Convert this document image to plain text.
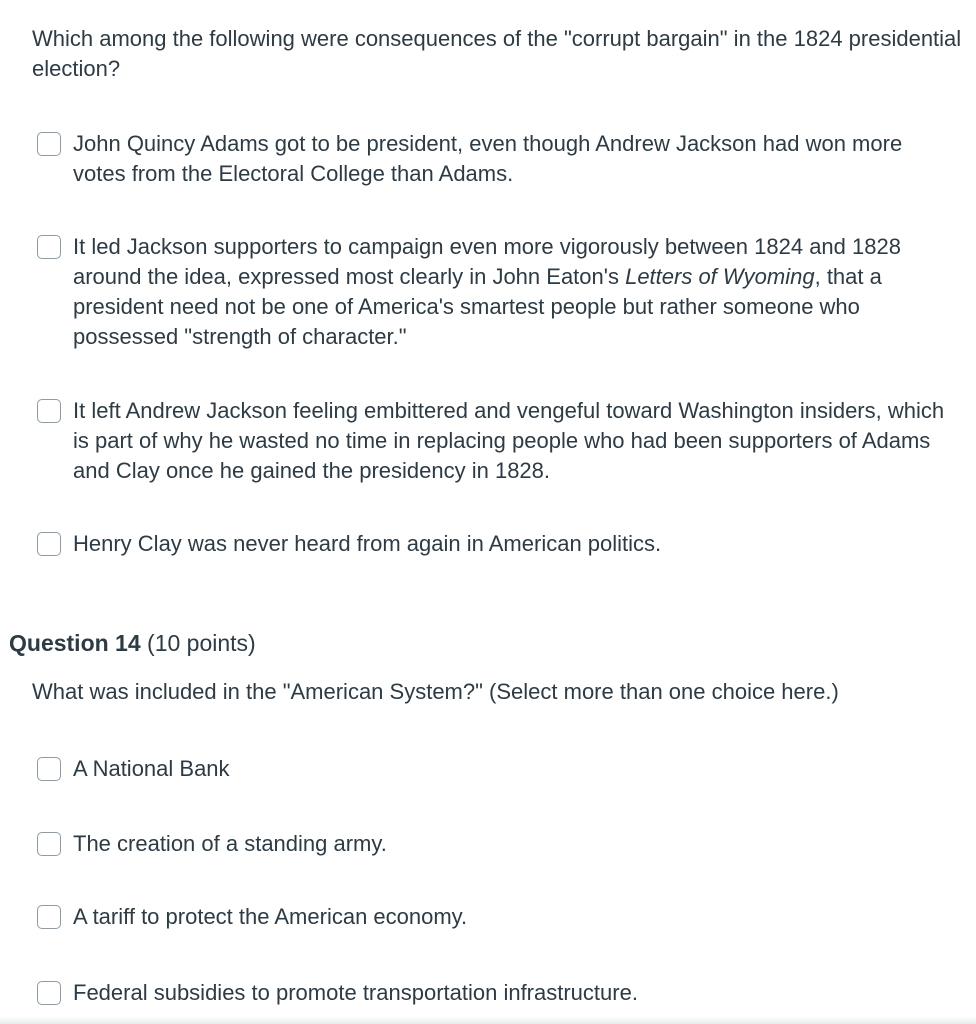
Which among the following were consequences of the "corrupt bargain" in the 1824 presidential election?
John Quincy Adams got to be president, even though Andrew Jackson had won more votes from the Electoral College than Adams.
It led Jackson supporters to campaign even more vigorously between 1824 and 1828 around the idea, expressed most clearly in John Eaton's Letters of Wyoming, that a president need not be one of America's smartest people but rather someone who possessed "strength of character."
It left Andrew Jackson feeling embittered and vengeful toward Washington insiders, which is part of why he wasted no time in replacing people who had been supporters of Adams and Clay once he gained the presidency in 1828.
Henry Clay was never heard from again in American politics.
Question 14 (10 points)
What was included in the "American System?" (Select more than one choice here.)
A National Bank
The creation of a standing army.
A tariff to protect the American economy.
Federal subsidies to promote transportation infrastructure.
